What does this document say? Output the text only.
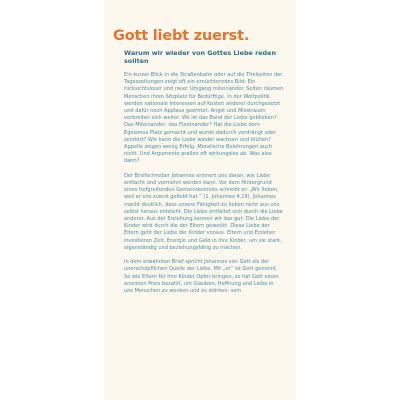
Gott liebt zuerst.
Warum wir wieder von Gottes Liebe reden sollten

Ein kurzer Blick in die Straßenbahn oder auf die Titelseiten der Tageszeitungen zeigt oft ein ernüchterndes Bild: Ein rücksichtsloser und rauer Umgang miteinander. Selten räumen Menschen ihren Sitzplatz für Bedürftige. In der Weltpolitik werden nationale Interessen auf Kosten anderer durchgesetzt und dafür noch Applaus geerntet. Angst und Misstrauen verbreiten sich weiter. Wo ist das Band der Liebe geblieben? Das Miteinander, das Füreinander? Hat die Liebe dem Egoismus Platz gemacht und wurde dadurch verdrängt oder zerstört? Wie kann die Liebe wieder wachsen und blühen? Appelle zeigen wenig Erfolg. Moralische Belehrungen auch nicht. Und Argumente prallen oft wirkungslos ab. Was also dann?

Der Briefschreiber Johannes erinnert uns daran, wie Liebe entfacht und vermehrt werden kann. Vor dem Hintergrund eines tiefgreifenden Gemeindestreits schreibt er: „Wir lieben, weil er uns zuerst geliebt hat.“ (1. Johannes 4,19). Johannes macht deutlich, dass unsere Fähigkeit zu lieben nicht aus uns selbst heraus entsteht. Die Liebe entfaltet sich durch die Liebe anderer. Aus der Erziehung kennen wir das gut: Die Liebe der Kinder wird durch die der Eltern geweckt. Diese Liebe der Eltern geht der Liebe der Kinder voraus. Eltern und Erzieher investieren Zeit, Energie und Geld in ihre Kinder, um sie stark, eigenständig und beziehungsfähig zu machen.

In dem erwähnten Brief spricht Johannes von Gott als der unerschöpflichen Quelle der Liebe. Mit „er“ ist Gott gemeint. So wie Eltern für ihre Kinder Opfer bringen, so hat Gott einen enormen Preis bezahlt, um Glauben, Hoffnung und Liebe in uns Menschen zu wecken und zu stärken: sein
